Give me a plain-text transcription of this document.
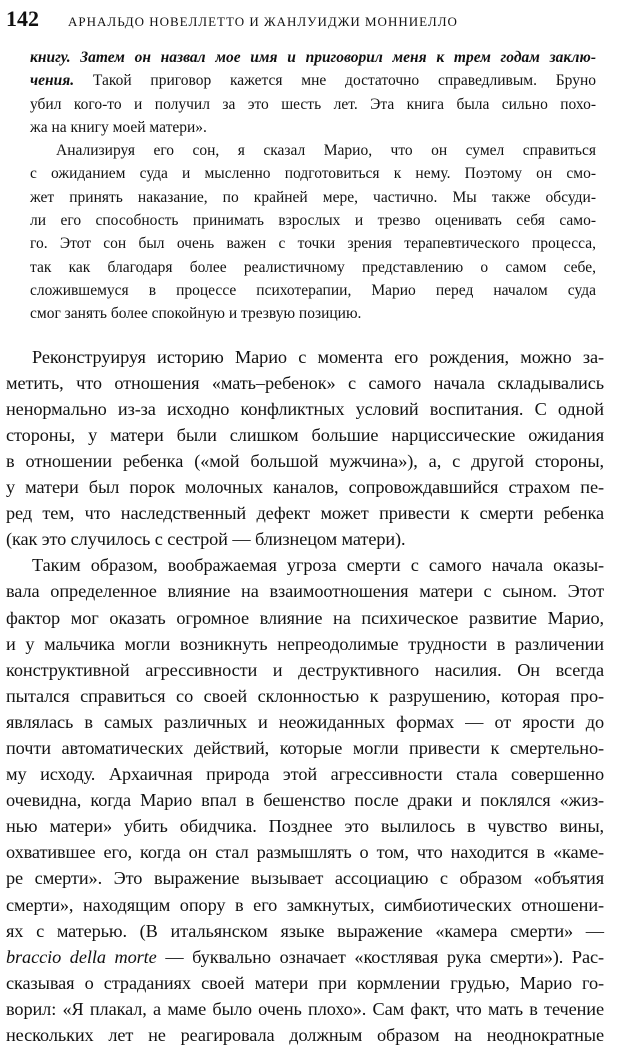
142	АРНАЛЬДО НОВЕЛЛЕТТО И ЖАНЛУИДЖИ МОННИЕЛЛО
книгу. Затем он назвал мое имя и приговорил меня к трем годам заклю-
чения. Такой приговор кажется мне достаточно справедливым. Бруно
убил кого-то и получил за это шесть лет. Эта книга была сильно похо-
жа на книгу моей матери».
Анализируя его сон, я сказал Марио, что он сумел справиться
с ожиданием суда и мысленно подготовиться к нему. Поэтому он смо-
жет принять наказание, по крайней мере, частично. Мы также обсуди-
ли его способность принимать взрослых и трезво оценивать себя само-
го. Этот сон был очень важен с точки зрения терапевтического процесса,
так как благодаря более реалистичному представлению о самом себе,
сложившемуся в процессе психотерапии, Марио перед началом суда
смог занять более спокойную и трезвую позицию.
Реконструируя историю Марио с момента его рождения, можно за-
метить, что отношения «мать–ребенок» с самого начала складывались
ненормально из-за исходно конфликтных условий воспитания. С одной
стороны, у матери были слишком большие нарциссические ожидания
в отношении ребенка («мой большой мужчина»), а, с другой стороны,
у матери был порок молочных каналов, сопровождавшийся страхом пе-
ред тем, что наследственный дефект может привести к смерти ребенка
(как это случилось с сестрой — близнецом матери).
Таким образом, воображаемая угроза смерти с самого начала оказы-
вала определенное влияние на взаимоотношения матери с сыном. Этот
фактор мог оказать огромное влияние на психическое развитие Марио,
и у мальчика могли возникнуть непреодолимые трудности в различении
конструктивной агрессивности и деструктивного насилия. Он всегда
пытался справиться со своей склонностью к разрушению, которая про-
являлась в самых различных и неожиданных формах — от ярости до
почти автоматических действий, которые могли привести к смертельно-
му исходу. Архаичная природа этой агрессивности стала совершенно
очевидна, когда Марио впал в бешенство после драки и поклялся «жиз-
нью матери» убить обидчика. Позднее это вылилось в чувство вины,
охватившее его, когда он стал размышлять о том, что находится в «каме-
ре смерти». Это выражение вызывает ассоциацию с образом «объятия
смерти», находящим опору в его замкнутых, симбиотических отношени-
ях с матерью. (В итальянском языке выражение «камера смерти» —
braccio della morte — буквально означает «костлявая рука смерти»). Рас-
сказывая о страданиях своей матери при кормлении грудью, Марио го-
ворил: «Я плакал, а маме было очень плохо». Сам факт, что мать в течение
нескольких лет не реагировала должным образом на неоднократные
